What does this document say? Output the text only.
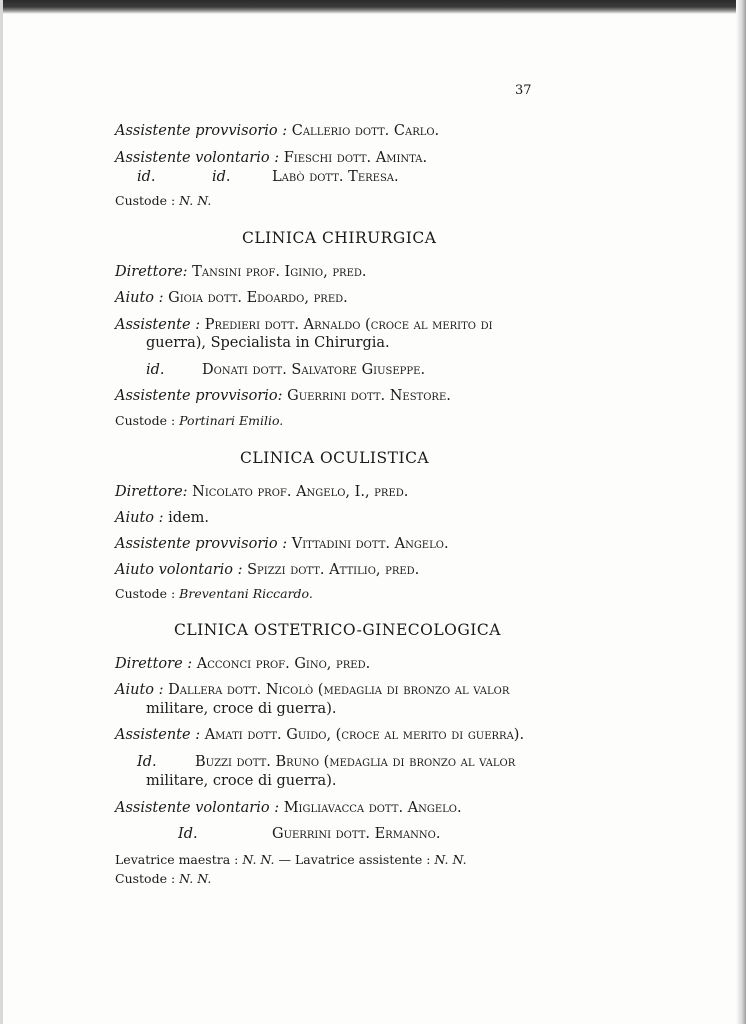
37
Assistente provvisorio : Callerio dott. Carlo.
Assistente volontario : Fieschi dott. Aminta.
id.	id.	Labò dott. Teresa.
Custode : N. N.
CLINICA CHIRURGICA
Direttore: Tansini prof. Iginio, pred.
Aiuto : Gioia dott. Edoardo, pred.
Assistente : Predieri dott. Arnaldo (croce al merito di
guerra), Specialista in Chirurgia.
id.	Donati dott. Salvatore Giuseppe.
Assistente provvisorio: Guerrini dott. Nestore.
Custode : Portinari Emilio.
CLINICA OCULISTICA
Direttore: Nicolato prof. Angelo, I., pred.
Aiuto : idem.
Assistente provvisorio : Vittadini dott. Angelo.
Aiuto volontario : Spizzi dott. Attilio, pred.
Custode : Breventani Riccardo.
CLINICA OSTETRICO-GINECOLOGICA
Direttore : Acconci prof. Gino, pred.
Aiuto : Dallera dott. Nicolò (medaglia di bronzo al valor
militare, croce di guerra).
Assistente : Amati dott. Guido, (croce al merito di guerra).
Id.	Buzzi dott. Bruno (medaglia di bronzo al valor
militare, croce di guerra).
Assistente volontario : Migliavacca dott. Angelo.
Id.	Guerrini dott. Ermanno.
Levatrice maestra : N. N. — Lavatrice assistente : N. N.
Custode : N. N.
